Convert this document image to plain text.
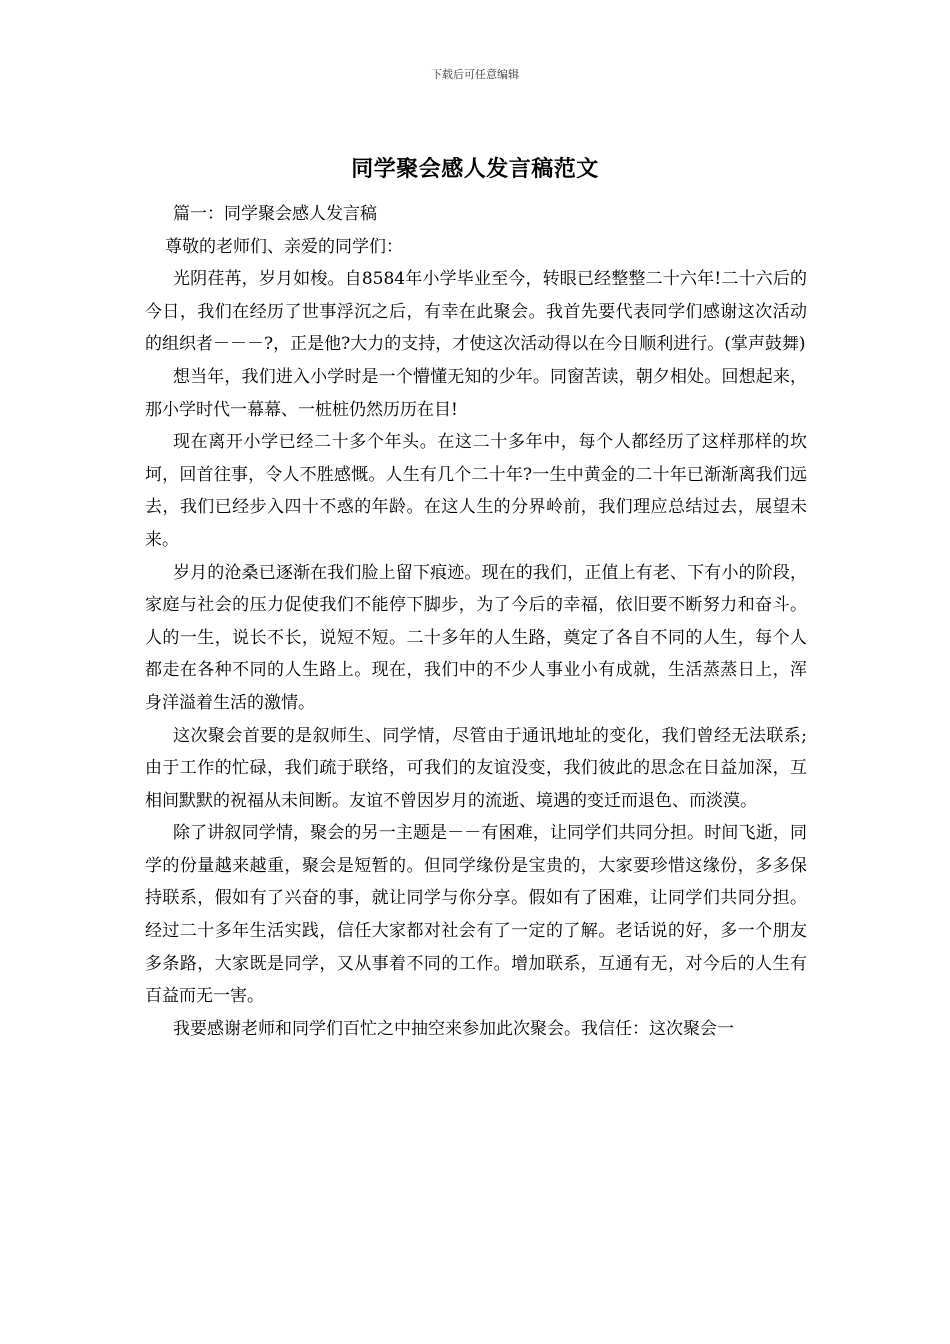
下载后可任意编辑
同学聚会感人发言稿范文

篇一：同学聚会感人发言稿

尊敬的老师们、亲爱的同学们：

光阴荏苒，岁月如梭。自8584年小学毕业至今，转眼已经整整二十六年!二十六后的今日，我们在经历了世事浮沉之后，有幸在此聚会。我首先要代表同学们感谢这次活动的组织者－－－?，正是他?大力的支持，才使这次活动得以在今日顺利进行。(掌声鼓舞)

想当年，我们进入小学时是一个懵懂无知的少年。同窗苦读，朝夕相处。回想起来，那小学时代一幕幕、一桩桩仍然历历在目!

现在离开小学已经二十多个年头。在这二十多年中，每个人都经历了这样那样的坎坷，回首往事，令人不胜感慨。人生有几个二十年?一生中黄金的二十年已渐渐离我们远去，我们已经步入四十不惑的年龄。在这人生的分界岭前，我们理应总结过去，展望未来。

岁月的沧桑已逐渐在我们脸上留下痕迹。现在的我们，正值上有老、下有小的阶段，家庭与社会的压力促使我们不能停下脚步，为了今后的幸福，依旧要不断努力和奋斗。人的一生，说长不长，说短不短。二十多年的人生路，奠定了各自不同的人生，每个人都走在各种不同的人生路上。现在，我们中的不少人事业小有成就，生活蒸蒸日上，浑身洋溢着生活的激情。

这次聚会首要的是叙师生、同学情，尽管由于通讯地址的变化，我们曾经无法联系;由于工作的忙碌，我们疏于联络，可我们的友谊没变，我们彼此的思念在日益加深，互相间默默的祝福从未间断。友谊不曾因岁月的流逝、境遇的变迁而退色、而淡漠。

除了讲叙同学情，聚会的另一主题是－－有困难，让同学们共同分担。时间飞逝，同学的份量越来越重，聚会是短暂的。但同学缘份是宝贵的，大家要珍惜这缘份，多多保持联系，假如有了兴奋的事，就让同学与你分享。假如有了困难，让同学们共同分担。经过二十多年生活实践，信任大家都对社会有了一定的了解。老话说的好，多一个朋友多条路，大家既是同学，又从事着不同的工作。增加联系，互通有无，对今后的人生有百益而无一害。

我要感谢老师和同学们百忙之中抽空来参加此次聚会。我信任：这次聚会一
